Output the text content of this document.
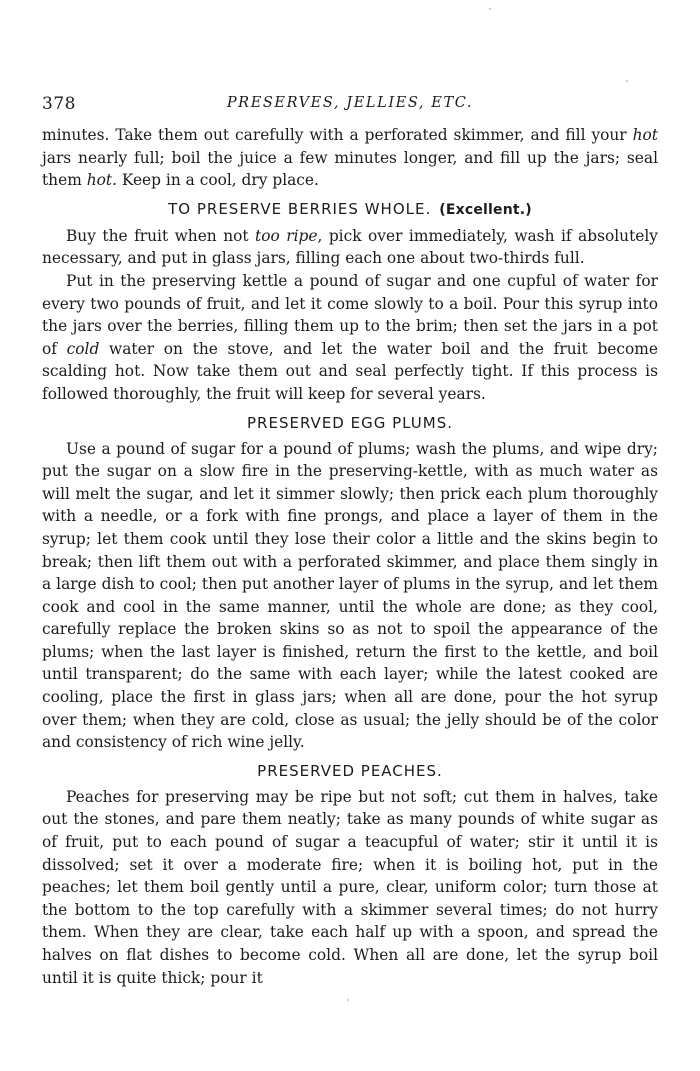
378	PRESERVES, JELLIES, ETC.

minutes. Take them out carefully with a perforated skimmer, and fill your hot jars nearly full; boil the juice a few minutes longer, and fill up the jars; seal them hot. Keep in a cool, dry place.

TO PRESERVE BERRIES WHOLE. (Excellent.)

Buy the fruit when not too ripe, pick over immediately, wash if absolutely necessary, and put in glass jars, filling each one about two-thirds full.

Put in the preserving kettle a pound of sugar and one cupful of water for every two pounds of fruit, and let it come slowly to a boil. Pour this syrup into the jars over the berries, filling them up to the brim; then set the jars in a pot of cold water on the stove, and let the water boil and the fruit become scalding hot. Now take them out and seal perfectly tight. If this process is followed thoroughly, the fruit will keep for several years.

PRESERVED EGG PLUMS.

Use a pound of sugar for a pound of plums; wash the plums, and wipe dry; put the sugar on a slow fire in the preserving-kettle, with as much water as will melt the sugar, and let it simmer slowly; then prick each plum thoroughly with a needle, or a fork with fine prongs, and place a layer of them in the syrup; let them cook until they lose their color a little and the skins begin to break; then lift them out with a perforated skimmer, and place them singly in a large dish to cool; then put another layer of plums in the syrup, and let them cook and cool in the same manner, until the whole are done; as they cool, carefully replace the broken skins so as not to spoil the appearance of the plums; when the last layer is finished, return the first to the kettle, and boil until transparent; do the same with each layer; while the latest cooked are cooling, place the first in glass jars; when all are done, pour the hot syrup over them; when they are cold, close as usual; the jelly should be of the color and consistency of rich wine jelly.

PRESERVED PEACHES.

Peaches for preserving may be ripe but not soft; cut them in halves, take out the stones, and pare them neatly; take as many pounds of white sugar as of fruit, put to each pound of sugar a teacupful of water; stir it until it is dissolved; set it over a moderate fire; when it is boiling hot, put in the peaches; let them boil gently until a pure, clear, uniform color; turn those at the bottom to the top carefully with a skimmer several times; do not hurry them. When they are clear, take each half up with a spoon, and spread the halves on flat dishes to become cold. When all are done, let the syrup boil until it is quite thick; pour it
